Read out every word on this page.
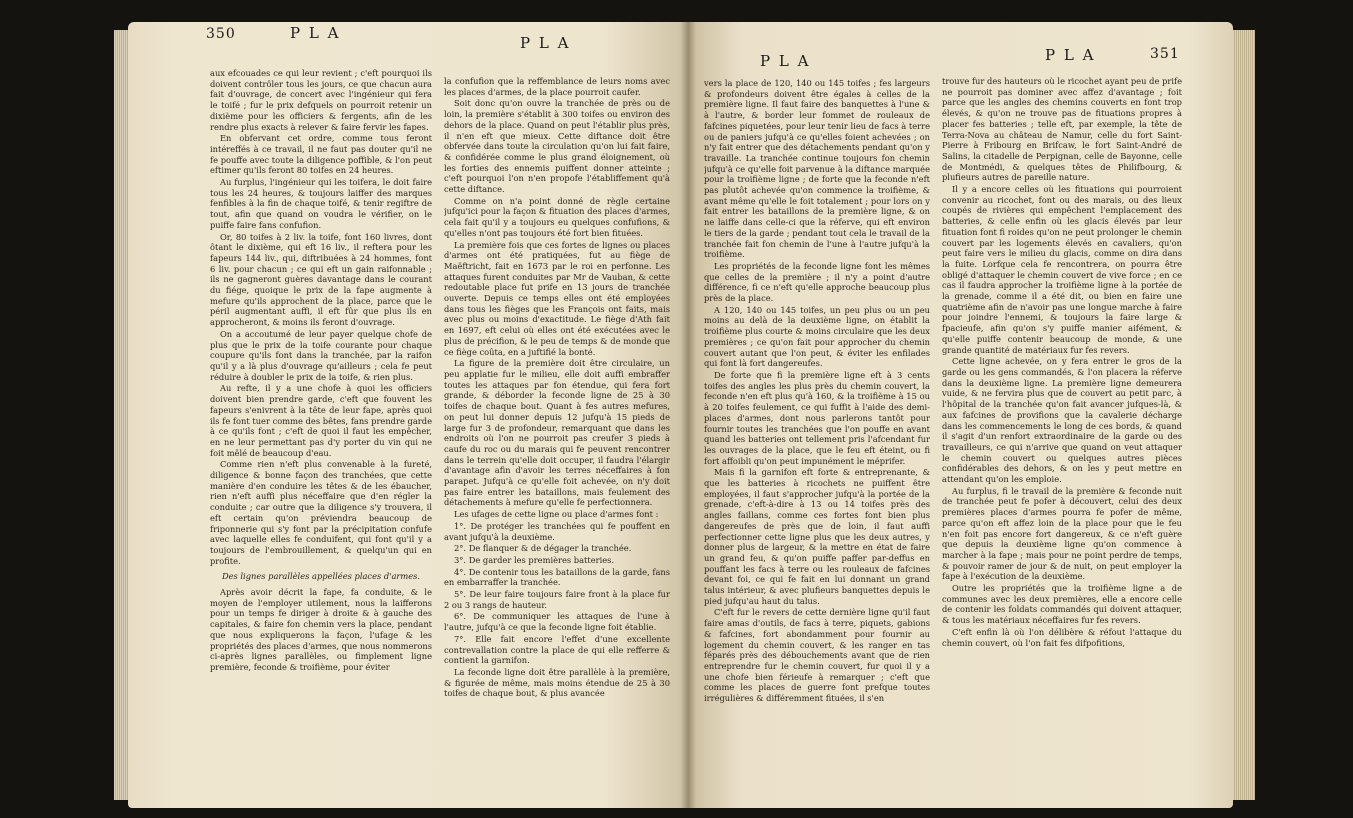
350	P L A
P L A
P L A	P L A	351

aux efcouades ce qui leur revient ; c'eft pourquoi ils doivent contrôler tous les jours, ce que chacun aura fait d'ouvrage, de concert avec l'ingénieur qui fera le toifé ; fur le prix defquels on pourroit retenir un dixième pour les officiers & fergents, afin de les rendre plus exacts à relever & faire fervir les fapes.

En obfervant cet ordre, comme tous feront intéreffés à ce travail, il ne faut pas douter qu'il ne fe pouffe avec toute la diligence poffible, & l'on peut eftimer qu'ils feront 80 toifes en 24 heures.

Au furplus, l'ingénieur qui les toifera, le doit faire tous les 24 heures, & toujours laiffer des marques fenfibles à la fin de chaque toifé, & tenir regiftre de tout, afin que quand on voudra le vérifier, on le puiffe faire fans confufion.

Or, 80 toifes à 2 liv. la toife, font 160 livres, dont ôtant le dixième, qui eft 16 liv., il reftera pour les fapeurs 144 liv., qui, diftribuées à 24 hommes, font 6 liv. pour chacun ; ce qui eft un gain raifonnable ; ils ne gagneront guères davantage dans le courant du fiége, quoique le prix de la fape augmente à mefure qu'ils approchent de la place, parce que le péril augmentant auffi, il eft fûr que plus ils en approcheront, & moins ils feront d'ouvrage.

On a accoutumé de leur payer quelque chofe de plus que le prix de la toife courante pour chaque coupure qu'ils font dans la tranchée, par la raifon qu'il y a là plus d'ouvrage qu'ailleurs ; cela fe peut réduire à doubler le prix de la toife, & rien plus.

Au refte, il y a une chofe à quoi les officiers doivent bien prendre garde, c'eft que fouvent les fapeurs s'enivrent à la tête de leur fape, après quoi ils fe font tuer comme des bêtes, fans prendre garde à ce qu'ils font ; c'eft de quoi il faut les empêcher, en ne leur permettant pas d'y porter du vin qui ne foit mêlé de beaucoup d'eau.

Comme rien n'eft plus convenable à la fureté, diligence & bonne façon des tranchées, que cette manière d'en conduire les têtes & de les ébaucher, rien n'eft auffi plus néceffaire que d'en régler la conduite ; car outre que la diligence s'y trouvera, il eft certain qu'on préviendra beaucoup de friponnerie qui s'y font par la précipitation confufe avec laquelle elles fe conduifent, qui font qu'il y a toujours de l'embrouillement, & quelqu'un qui en profite.

Des lignes parallèles appellées places d'armes.

Après avoir décrit la fape, fa conduite, & le moyen de l'employer utilement, nous la laifferons pour un temps fe diriger à droite & à gauche des capitales, & faire fon chemin vers la place, pendant que nous expliquerons la façon, l'ufage & les propriétés des places d'armes, que nous nommerons ci-après lignes parallèles, ou fimplement ligne première, feconde & troifième, pour éviter

la confufion que la reffemblance de leurs noms avec les places d'armes, de la place pourroit caufer.

Soit donc qu'on ouvre la tranchée de près ou de loin, la première s'établit à 300 toifes ou environ des dehors de la place. Quand on peut l'établir plus près, il n'en eft que mieux. Cette diftance doit être obfervée dans toute la circulation qu'on lui fait faire, & confidérée comme le plus grand éloignement, où les forties des ennemis puiffent donner atteinte ; c'eft pourquoi l'on n'en propofe l'établiffement qu'à cette diftance.

Comme on n'a point donné de règle certaine jufqu'ici pour la façon & fituation des places d'armes, cela fait qu'il y a toujours eu quelques confufions, & qu'elles n'ont pas toujours été fort bien fituées.

La première fois que ces fortes de lignes ou places d'armes ont été pratiquées, fut au fiège de Maëftricht, fait en 1673 par le roi en perfonne. Les attaques furent conduites par Mr de Vauban, & cette redoutable place fut prife en 13 jours de tranchée ouverte. Depuis ce temps elles ont été employées dans tous les fièges que les François ont faits, mais avec plus ou moins d'exactitude. Le fiège d'Ath fait en 1697, eft celui où elles ont été exécutées avec le plus de précifion, & le peu de temps & de monde que ce fiège coûta, en a juftifié la bonté.

La figure de la première doit être circulaire, un peu applatie fur le milieu, elle doit auffi embraffer toutes les attaques par fon étendue, qui fera fort grande, & déborder la feconde ligne de 25 à 30 toifes de chaque bout. Quant à fes autres mefures, on peut lui donner depuis 12 jufqu'à 15 pieds de large fur 3 de profondeur, remarquant que dans les endroits où l'on ne pourroit pas creufer 3 pieds à caufe du roc ou du marais qui fe peuvent rencontrer dans le terrein qu'elle doit occuper, il faudra l'élargir d'avantage afin d'avoir les terres néceffaires à fon parapet. Jufqu'à ce qu'elle foit achevée, on n'y doit pas faire entrer les bataillons, mais feulement des détachements à mefure qu'elle fe perfectionnera.

Les ufages de cette ligne ou place d'armes font :

1°. De protéger les tranchées qui fe pouffent en avant jufqu'à la deuxième.

2°. De flanquer & de dégager la tranchée.

3°. De garder les premières batteries.

4°. De contenir tous les bataillons de la garde, fans en embarraffer la tranchée.

5°. De leur faire toujours faire front à la place fur 2 ou 3 rangs de hauteur.

6°. De communiquer les attaques de l'une à l'autre, jufqu'à ce que la feconde ligne foit établie.

7°. Elle fait encore l'effet d'une excellente contrevallation contre la place de qui elle refferre & contient la garnifon.

La feconde ligne doit être parallèle à la première, & figurée de même, mais moins étendue de 25 à 30 toifes de chaque bout, & plus avancée

vers la place de 120, 140 ou 145 toifes ; fes largeurs & profondeurs doivent être égales à celles de la première ligne. Il faut faire des banquettes à l'une & à l'autre, & border leur fommet de rouleaux de fafcines piquetées, pour leur tenir lieu de facs à terre ou de paniers jufqu'à ce qu'elles foient achevées ; on n'y fait entrer que des détachements pendant qu'on y travaille. La tranchée continue toujours fon chemin jufqu'à ce qu'elle foit parvenue à la diftance marquée pour la troifième ligne ; de forte que la feconde n'eft pas plutôt achevée qu'on commence la troifième, & avant même qu'elle le foit totalement ; pour lors on y fait entrer les bataillons de la première ligne, & on ne laiffe dans celle-ci que la réferve, qui eft environ le tiers de la garde ; pendant tout cela le travail de la tranchée fait fon chemin de l'une à l'autre jufqu'à la troifième.

Les propriétés de la feconde ligne font les mêmes que celles de la première ; il n'y a point d'autre différence, fi ce n'eft qu'elle approche beaucoup plus près de la place.

A 120, 140 ou 145 toifes, un peu plus ou un peu moins au delà de la deuxième ligne, on établit la troifième plus courte & moins circulaire que les deux premières ; ce qu'on fait pour approcher du chemin couvert autant que l'on peut, & éviter les enfilades qui font là fort dangereufes.

De forte que fi la première ligne eft à 3 cents toifes des angles les plus près du chemin couvert, la feconde n'en eft plus qu'à 160, & la troifième à 15 ou à 20 toifes feulement, ce qui fuffit à l'aide des demi-places d'armes, dont nous parlerons tantôt pour fournir toutes les tranchées que l'on pouffe en avant quand les batteries ont tellement pris l'afcendant fur les ouvrages de la place, que le feu eft éteint, ou fi fort affoibli qu'on peut impunément le méprifer.

Mais fi la garnifon eft forte & entreprenante, & que les batteries à ricochets ne puiffent être employées, il faut s'approcher jufqu'à la portée de la grenade, c'eft-à-dire à 13 ou 14 toifes près des angles faillans, comme ces fortes font bien plus dangereufes de près que de loin, il faut auffi perfectionner cette ligne plus que les deux autres, y donner plus de largeur, & la mettre en état de faire un grand feu, & qu'on puiffe paffer par-deffus en pouffant les facs à terre ou les rouleaux de fafcines devant foi, ce qui fe fait en lui donnant un grand talus intérieur, & avec plufieurs banquettes depuis le pied jufqu'au haut du talus.

C'eft fur le revers de cette dernière ligne qu'il faut faire amas d'outils, de facs à terre, piquets, gabions & fafcines, fort abondamment pour fournir au logement du chemin couvert, & les ranger en tas féparés près des débouchements avant que de rien entreprendre fur le chemin couvert, fur quoi il y a une chofe bien férieufe à remarquer ; c'eft que comme les places de guerre font prefque toutes irrégulières & différemment fituées, il s'en

trouve fur des hauteurs où le ricochet ayant peu de prife ne pourroit pas dominer avec affez d'avantage ; foit parce que les angles des chemins couverts en font trop élevés, & qu'on ne trouve pas de fituations propres à placer fes batteries ; telle eft, par exemple, la tête de Terra-Nova au château de Namur, celle du fort Saint-Pierre à Fribourg en Brifcaw, le fort Saint-André de Salins, la citadelle de Perpignan, celle de Bayonne, celle de Montmédi, & quelques têtes de Philifbourg, & plufieurs autres de pareille nature.

Il y a encore celles où les fituations qui pourroient convenir au ricochet, font ou des marais, ou des lieux coupés de rivières qui empêchent l'emplacement des batteries, & celle enfin où les glacis élevés par leur fituation font fi roides qu'on ne peut prolonger le chemin couvert par les logements élevés en cavaliers, qu'on peut faire vers le milieu du glacis, comme on dira dans la fuite. Lorfque cela fe rencontrera, on pourra être obligé d'attaquer le chemin couvert de vive force ; en ce cas il faudra approcher la troifième ligne à la portée de la grenade, comme il a été dit, ou bien en faire une quatrième afin de n'avoir pas une longue marche à faire pour joindre l'ennemi, & toujours la faire large & fpacieufe, afin qu'on s'y puiffe manier aifément, & qu'elle puiffe contenir beaucoup de monde, & une grande quantité de matériaux fur fes revers.

Cette ligne achevée, on y fera entrer le gros de la garde ou les gens commandés, & l'on placera la réferve dans la deuxième ligne. La première ligne demeurera vuide, & ne fervira plus que de couvert au petit parc, à l'hôpital de la tranchée qu'on fait avancer jufques-là, & aux fafcines de provifions que la cavalerie décharge dans les commencements le long de ces bords, & quand il s'agit d'un renfort extraordinaire de la garde ou des travailleurs, ce qui n'arrive que quand on veut attaquer le chemin couvert ou quelques autres pièces confidérables des dehors, & on les y peut mettre en attendant qu'on les emploie.

Au furplus, fi le travail de la première & feconde nuit de tranchée peut fe pofer à découvert, celui des deux premières places d'armes pourra fe pofer de même, parce qu'on eft affez loin de la place pour que le feu n'en foit pas encore fort dangereux, & ce n'eft guère que depuis la deuxième ligne qu'on commence à marcher à la fape ; mais pour ne point perdre de temps, & pouvoir ramer de jour & de nuit, on peut employer la fape à l'exécution de la deuxième.

Outre les propriétés que la troifième ligne a de communes avec les deux premières, elle a encore celle de contenir les foldats commandés qui doivent attaquer, & tous les matériaux néceffaires fur fes revers.

C'eft enfin là où l'on délibère & réfout l'attaque du chemin couvert, où l'on fait fes difpofitions,
